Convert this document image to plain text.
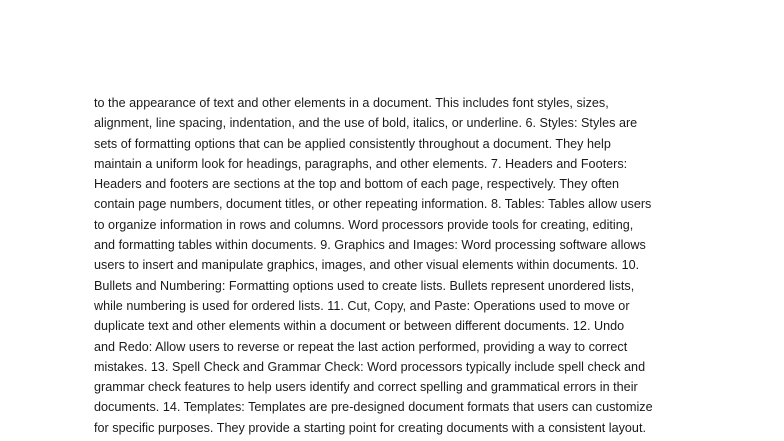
to the appearance of text and other elements in a document. This includes font styles, sizes,
alignment, line spacing, indentation, and the use of bold, italics, or underline. 6. Styles: Styles are
sets of formatting options that can be applied consistently throughout a document. They help
maintain a uniform look for headings, paragraphs, and other elements. 7. Headers and Footers:
Headers and footers are sections at the top and bottom of each page, respectively. They often
contain page numbers, document titles, or other repeating information. 8. Tables: Tables allow users
to organize information in rows and columns. Word processors provide tools for creating, editing,
and formatting tables within documents. 9. Graphics and Images: Word processing software allows
users to insert and manipulate graphics, images, and other visual elements within documents. 10.
Bullets and Numbering: Formatting options used to create lists. Bullets represent unordered lists,
while numbering is used for ordered lists. 11. Cut, Copy, and Paste: Operations used to move or
duplicate text and other elements within a document or between different documents. 12. Undo
and Redo: Allow users to reverse or repeat the last action performed, providing a way to correct
mistakes. 13. Spell Check and Grammar Check: Word processors typically include spell check and
grammar check features to help users identify and correct spelling and grammatical errors in their
documents. 14. Templates: Templates are pre-designed document formats that users can customize
for specific purposes. They provide a starting point for creating documents with a consistent layout.
